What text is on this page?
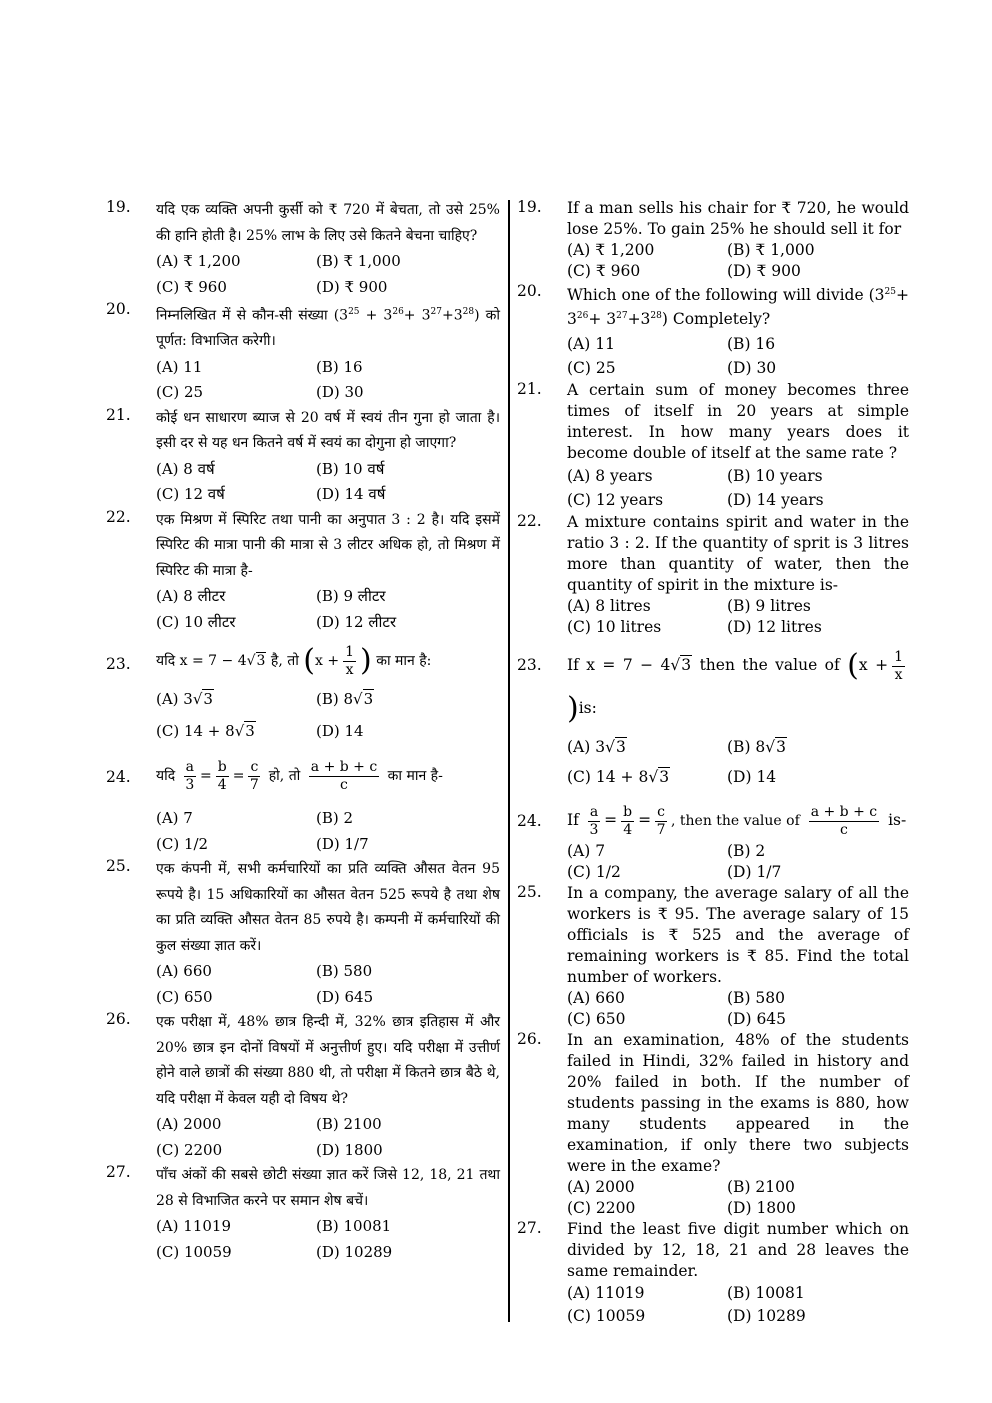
19. यदि एक व्यक्ति अपनी कुर्सी को ₹ 720 में बेचता, तो उसे 25% की हानि होती है। 25% लाभ के लिए उसे कितने बेचना चाहिए?
(A) ₹ 1,200	(B) ₹ 1,000
(C) ₹ 960	(D) ₹ 900
20. निम्नलिखित में से कौन-सी संख्या $(3^{25} + 3^{26}+ 3^{27}+3^{28})$ को पूर्णत: विभाजित करेगी।
(A) 11	(B) 16
(C) 25	(D) 30
21. कोई धन साधारण ब्याज से 20 वर्ष में स्वयं तीन गुना हो जाता है। इसी दर से यह धन कितने वर्ष में स्वयं का दोगुना हो जाएगा?
(A) 8 वर्ष	(B) 10 वर्ष
(C) 12 वर्ष	(D) 14 वर्ष
22. एक मिश्रण में स्पिरिट तथा पानी का अनुपात 3 : 2 है। यदि इसमें स्पिरिट की मात्रा पानी की मात्रा से 3 लीटर अधिक हो, तो मिश्रण में स्पिरिट की मात्रा है-
(A) 8 लीटर	(B) 9 लीटर
(C) 10 लीटर	(D) 12 लीटर
23. यदि x = 7 − 4√3 है, तो ($x + \frac{1}{x}$ ) का मान है:
(A) 3√3	(B) 8√3
(C) 14 + 8√3	(D) 14
24. यदि $\frac{a}{3} = \frac{b}{4} = \frac{c}{7}$ हो, तो $\frac{a + b + c}{c}$ का मान है-
(A) 7	(B) 2
(C) 1/2	(D) 1/7
25. एक कंपनी में, सभी कर्मचारियों का प्रति व्यक्ति औसत वेतन 95 रूपये है। 15 अधिकारियों का औसत वेतन 525 रूपये है तथा शेष का प्रति व्यक्ति औसत वेतन 85 रुपये है। कम्पनी में कर्मचारियों की कुल संख्या ज्ञात करें।
(A) 660	(B) 580
(C) 650	(D) 645
26. एक परीक्षा में, 48% छात्र हिन्दी में, 32% छात्र इतिहास में और 20% छात्र इन दोनों विषयों में अनुत्तीर्ण हुए। यदि परीक्षा में उत्तीर्ण होने वाले छात्रों की संख्या 880 थी, तो परीक्षा में कितने छात्र बैठे थे, यदि परीक्षा में केवल यही दो विषय थे?
(A) 2000	(B) 2100
(C) 2200	(D) 1800
27. पाँच अंकों की सबसे छोटी संख्या ज्ञात करें जिसे 12, 18, 21 तथा 28 से विभाजित करने पर समान शेष बचें।
(A) 11019	(B) 10081
(C) 10059	(D) 10289
19. If a man sells his chair for ₹ 720, he would lose 25%. To gain 25% he should sell it for
(A) ₹ 1,200	(B) ₹ 1,000
(C) ₹ 960	(D) ₹ 900
20. Which one of the following will divide $(3^{25}+ 3^{26}+ 3^{27}+3^{28})$ Completely?
(A) 11	(B) 16
(C) 25	(D) 30
21. A certain sum of money becomes three times of itself in 20 years at simple interest. In how many years does it become double of itself at the same rate ?
(A) 8 years	(B) 10 years
(C) 12 years	(D) 14 years
22. A mixture contains spirit and water in the ratio 3 : 2. If the quantity of sprit is 3 litres more than quantity of water, then the quantity of spirit in the mixture is-
(A) 8 litres	(B) 9 litres
(C) 10 litres	(D) 12 litres
23. If x = 7 − 4√3 then the value of ($x + \frac{1}{x}$
)is:
(A) 3√3	(B) 8√3
(C) 14 + 8√3	(D) 14
24. If $\frac{a}{3} = \frac{b}{4} = \frac{c}{7}$ , then the value of $\frac{a + b + c}{c} is-$
(A) 7	(B) 2
(C) 1/2	(D) 1/7
25. In a company, the average salary of all the workers is ₹ 95. The average salary of 15 officials is ₹ 525 and the average of remaining workers is ₹ 85. Find the total number of workers.
(A) 660	(B) 580
(C) 650	(D) 645
26. In an examination, 48% of the students failed in Hindi, 32% failed in history and 20% failed in both. If the number of students passing in the exams is 880, how many students appeared in the examination, if only there two subjects were in the exame?
(A) 2000	(B) 2100
(C) 2200	(D) 1800
27. Find the least five digit number which on divided by 12, 18, 21 and 28 leaves the same remainder.
(A) 11019	(B) 10081
(C) 10059	(D) 10289
